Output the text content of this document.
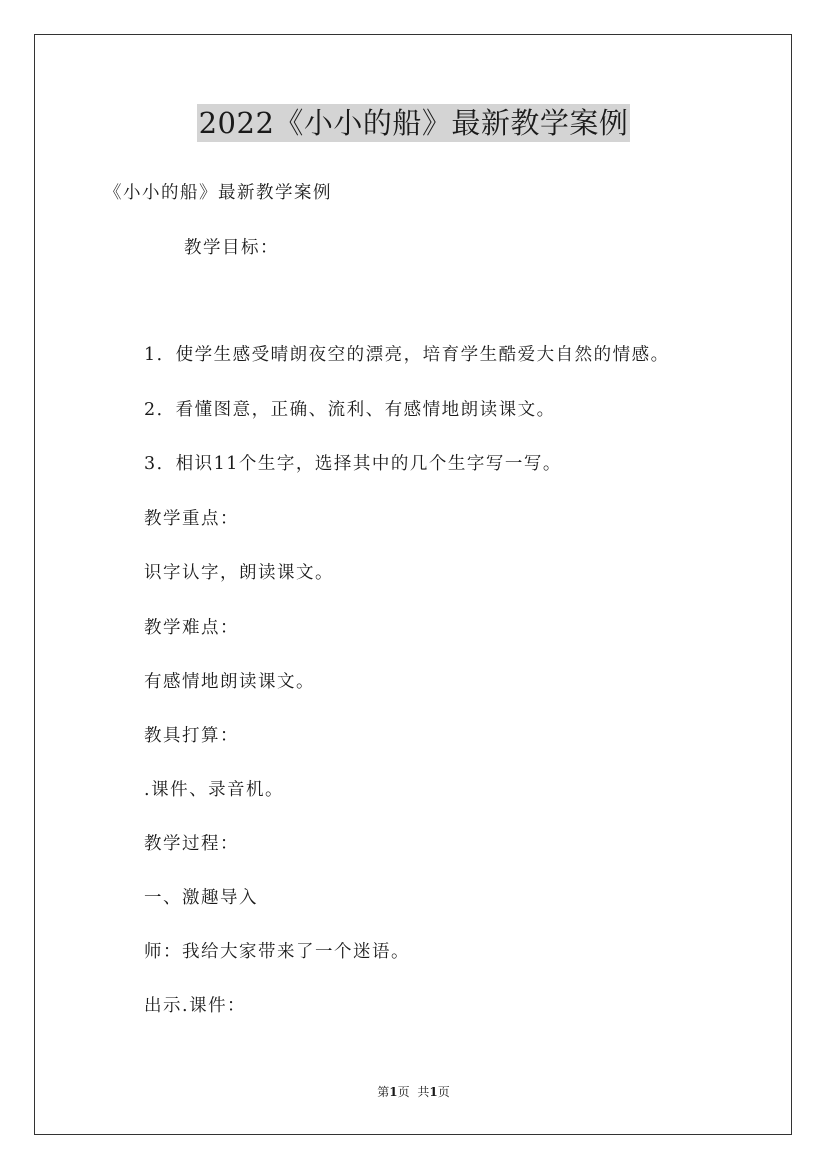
2022《小小的船》最新教学案例
《小小的船》最新教学案例
教学目标：
1．使学生感受晴朗夜空的漂亮，培育学生酷爱大自然的情感。
2．看懂图意，正确、流利、有感情地朗读课文。
3．相识11个生字，选择其中的几个生字写一写。
教学重点：
识字认字，朗读课文。
教学难点：
有感情地朗读课文。
教具打算：
.课件、录音机。
教学过程：
一、激趣导入
师：我给大家带来了一个迷语。
出示.课件：
第1页 共1页
